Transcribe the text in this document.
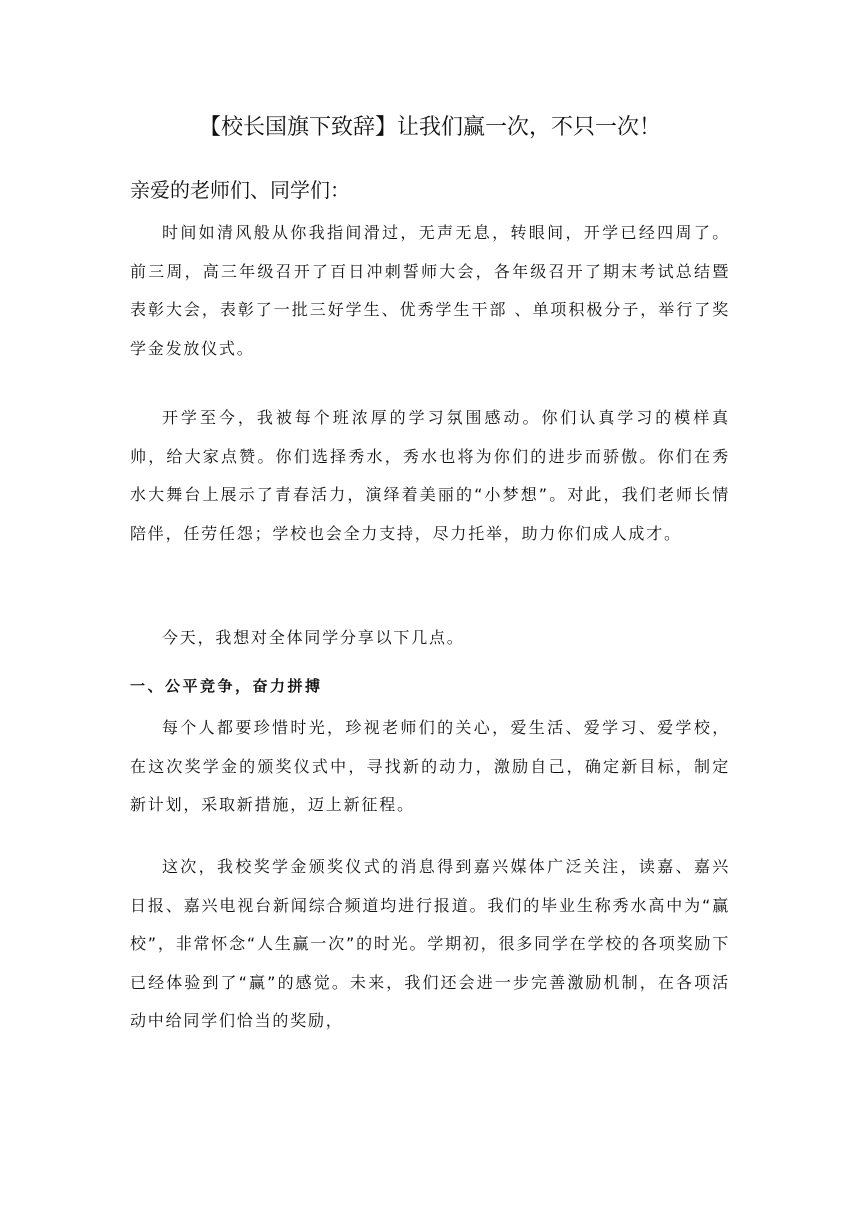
【校长国旗下致辞】让我们赢一次，不只一次！
亲爱的老师们、同学们：

时间如清风般从你我指间滑过，无声无息，转眼间，开学已经四周了。前三周，高三年级召开了百日冲刺誓师大会，各年级召开了期末考试总结暨表彰大会，表彰了一批三好学生、优秀学生干部 、单项积极分子，举行了奖学金发放仪式。

开学至今，我被每个班浓厚的学习氛围感动。你们认真学习的模样真帅，给大家点赞。你们选择秀水，秀水也将为你们的进步而骄傲。你们在秀水大舞台上展示了青春活力，演绎着美丽的“小梦想”。对此，我们老师长情陪伴，任劳任怨；学校也会全力支持，尽力托举，助力你们成人成才。

今天，我想对全体同学分享以下几点。

一、公平竞争，奋力拼搏

每个人都要珍惜时光，珍视老师们的关心，爱生活、爱学习、爱学校，在这次奖学金的颁奖仪式中，寻找新的动力，激励自己，确定新目标，制定新计划，采取新措施，迈上新征程。

这次，我校奖学金颁奖仪式的消息得到嘉兴媒体广泛关注，读嘉、嘉兴日报、嘉兴电视台新闻综合频道均进行报道。我们的毕业生称秀水高中为“赢校”，非常怀念“人生赢一次”的时光。学期初，很多同学在学校的各项奖励下已经体验到了“赢”的感觉。未来，我们还会进一步完善激励机制，在各项活动中给同学们恰当的奖励，
